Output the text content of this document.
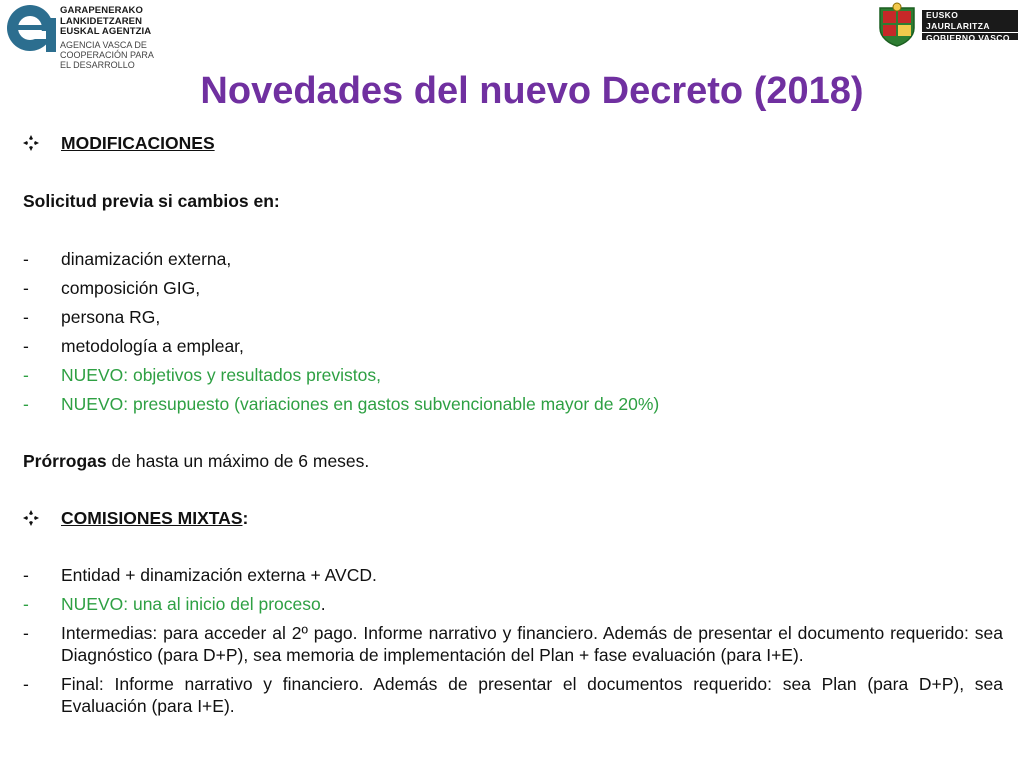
GARAPENERAKO
LANKIDETZAREN
EUSKAL AGENTZIA
AGENCIA VASCA DE
COOPERACIÓN PARA
EL DESARROLLO
EUSKO JAURLARITZA
GOBIERNO VASCO
Novedades del nuevo Decreto (2018)
MODIFICACIONES
Solicitud previa si cambios en:
-	dinamización externa,
-	composición GIG,
-	persona RG,
-	metodología a emplear,
-	NUEVO: objetivos y resultados previstos,
-	NUEVO: presupuesto (variaciones en gastos subvencionable mayor de 20%)
Prórrogas de hasta un máximo de 6 meses.
COMISIONES MIXTAS:
-	Entidad + dinamización externa + AVCD.
-	NUEVO: una al inicio del proceso.
-	Intermedias: para acceder al 2º pago. Informe narrativo y financiero. Además de presentar el documento requerido: sea Diagnóstico (para D+P), sea memoria de implementación del Plan + fase evaluación (para I+E).
-	Final: Informe narrativo y financiero. Además de presentar el documentos requerido: sea Plan (para D+P), sea Evaluación (para I+E).
